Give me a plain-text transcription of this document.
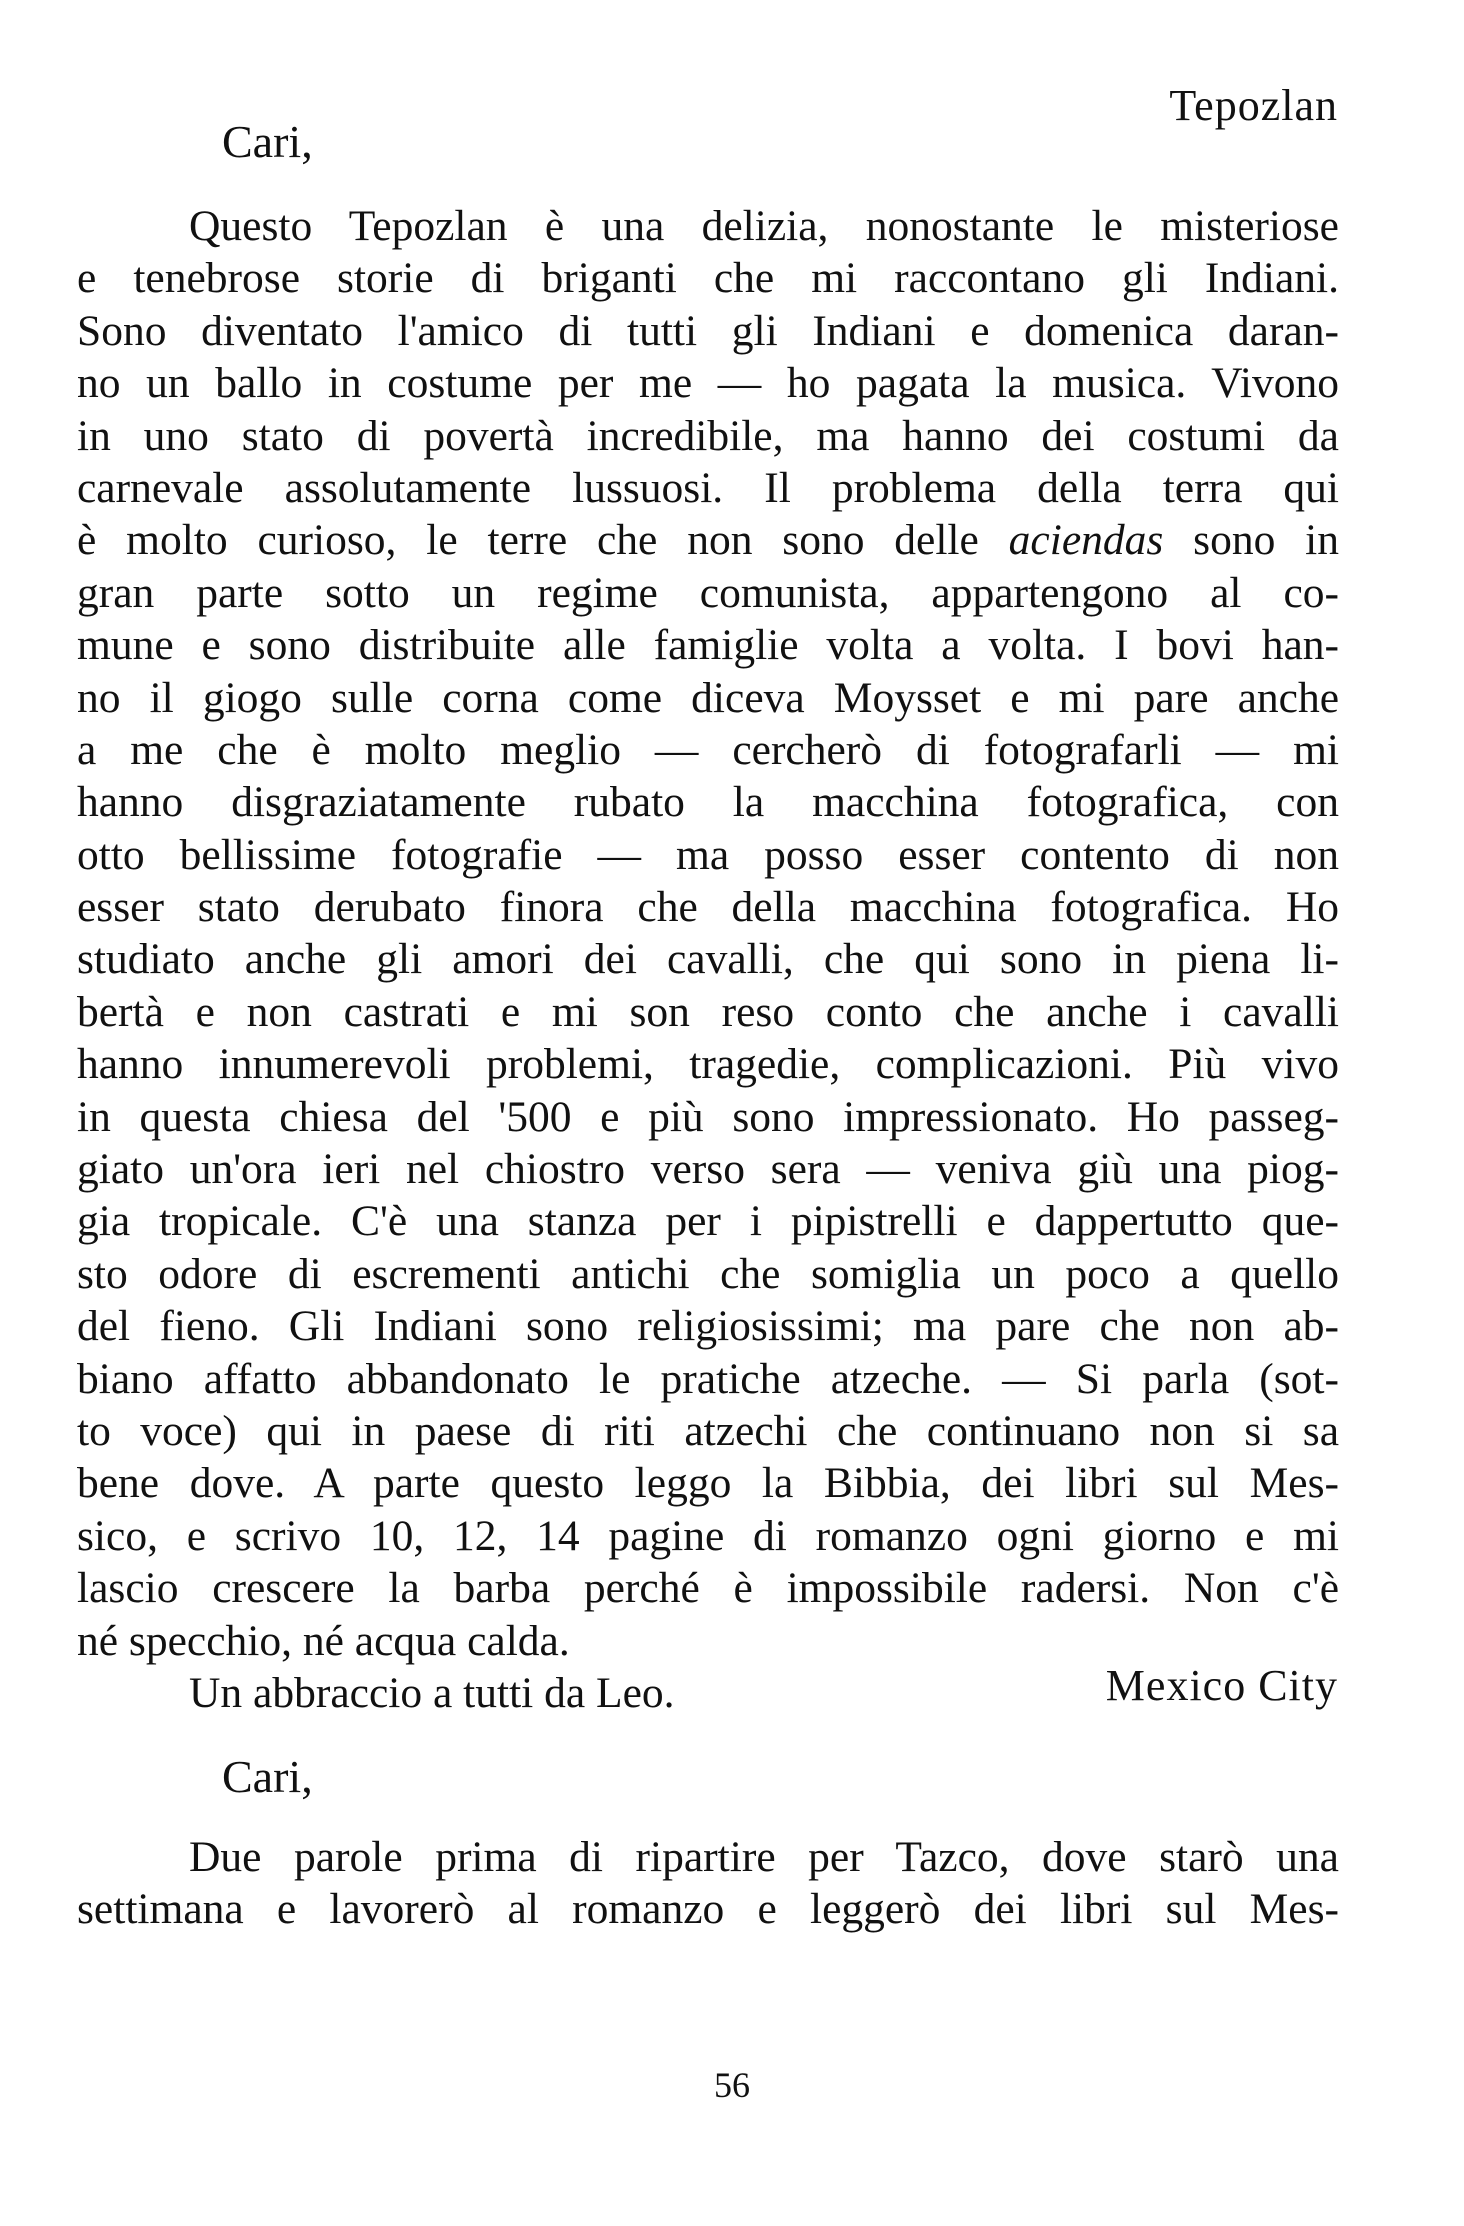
Tepozlan
Cari,
Questo Tepozlan è una delizia, nonostante le misteriose
e tenebrose storie di briganti che mi raccontano gli Indiani.
Sono diventato l'amico di tutti gli Indiani e domenica daran-
no un ballo in costume per me — ho pagata la musica. Vivono
in uno stato di povertà incredibile, ma hanno dei costumi da
carnevale assolutamente lussuosi. Il problema della terra qui
è molto curioso, le terre che non sono delle aciendas sono in
gran parte sotto un regime comunista, appartengono al co-
mune e sono distribuite alle famiglie volta a volta. I bovi han-
no il giogo sulle corna come diceva Moysset e mi pare anche
a me che è molto meglio — cercherò di fotografarli — mi
hanno disgraziatamente rubato la macchina fotografica, con
otto bellissime fotografie — ma posso esser contento di non
esser stato derubato finora che della macchina fotografica. Ho
studiato anche gli amori dei cavalli, che qui sono in piena li-
bertà e non castrati e mi son reso conto che anche i cavalli
hanno innumerevoli problemi, tragedie, complicazioni. Più vivo
in questa chiesa del '500 e più sono impressionato. Ho passeg-
giato un'ora ieri nel chiostro verso sera — veniva giù una piog-
gia tropicale. C'è una stanza per i pipistrelli e dappertutto que-
sto odore di escrementi antichi che somiglia un poco a quello
del fieno. Gli Indiani sono religiosissimi; ma pare che non ab-
biano affatto abbandonato le pratiche atzeche. — Si parla (sot-
to voce) qui in paese di riti atzechi che continuano non si sa
bene dove. A parte questo leggo la Bibbia, dei libri sul Mes-
sico, e scrivo 10, 12, 14 pagine di romanzo ogni giorno e mi
lascio crescere la barba perché è impossibile radersi. Non c'è
né specchio, né acqua calda.
Un abbraccio a tutti da Leo.	Mexico City
Cari,
Due parole prima di ripartire per Tazco, dove starò una
settimana e lavorerò al romanzo e leggerò dei libri sul Mes-
56
